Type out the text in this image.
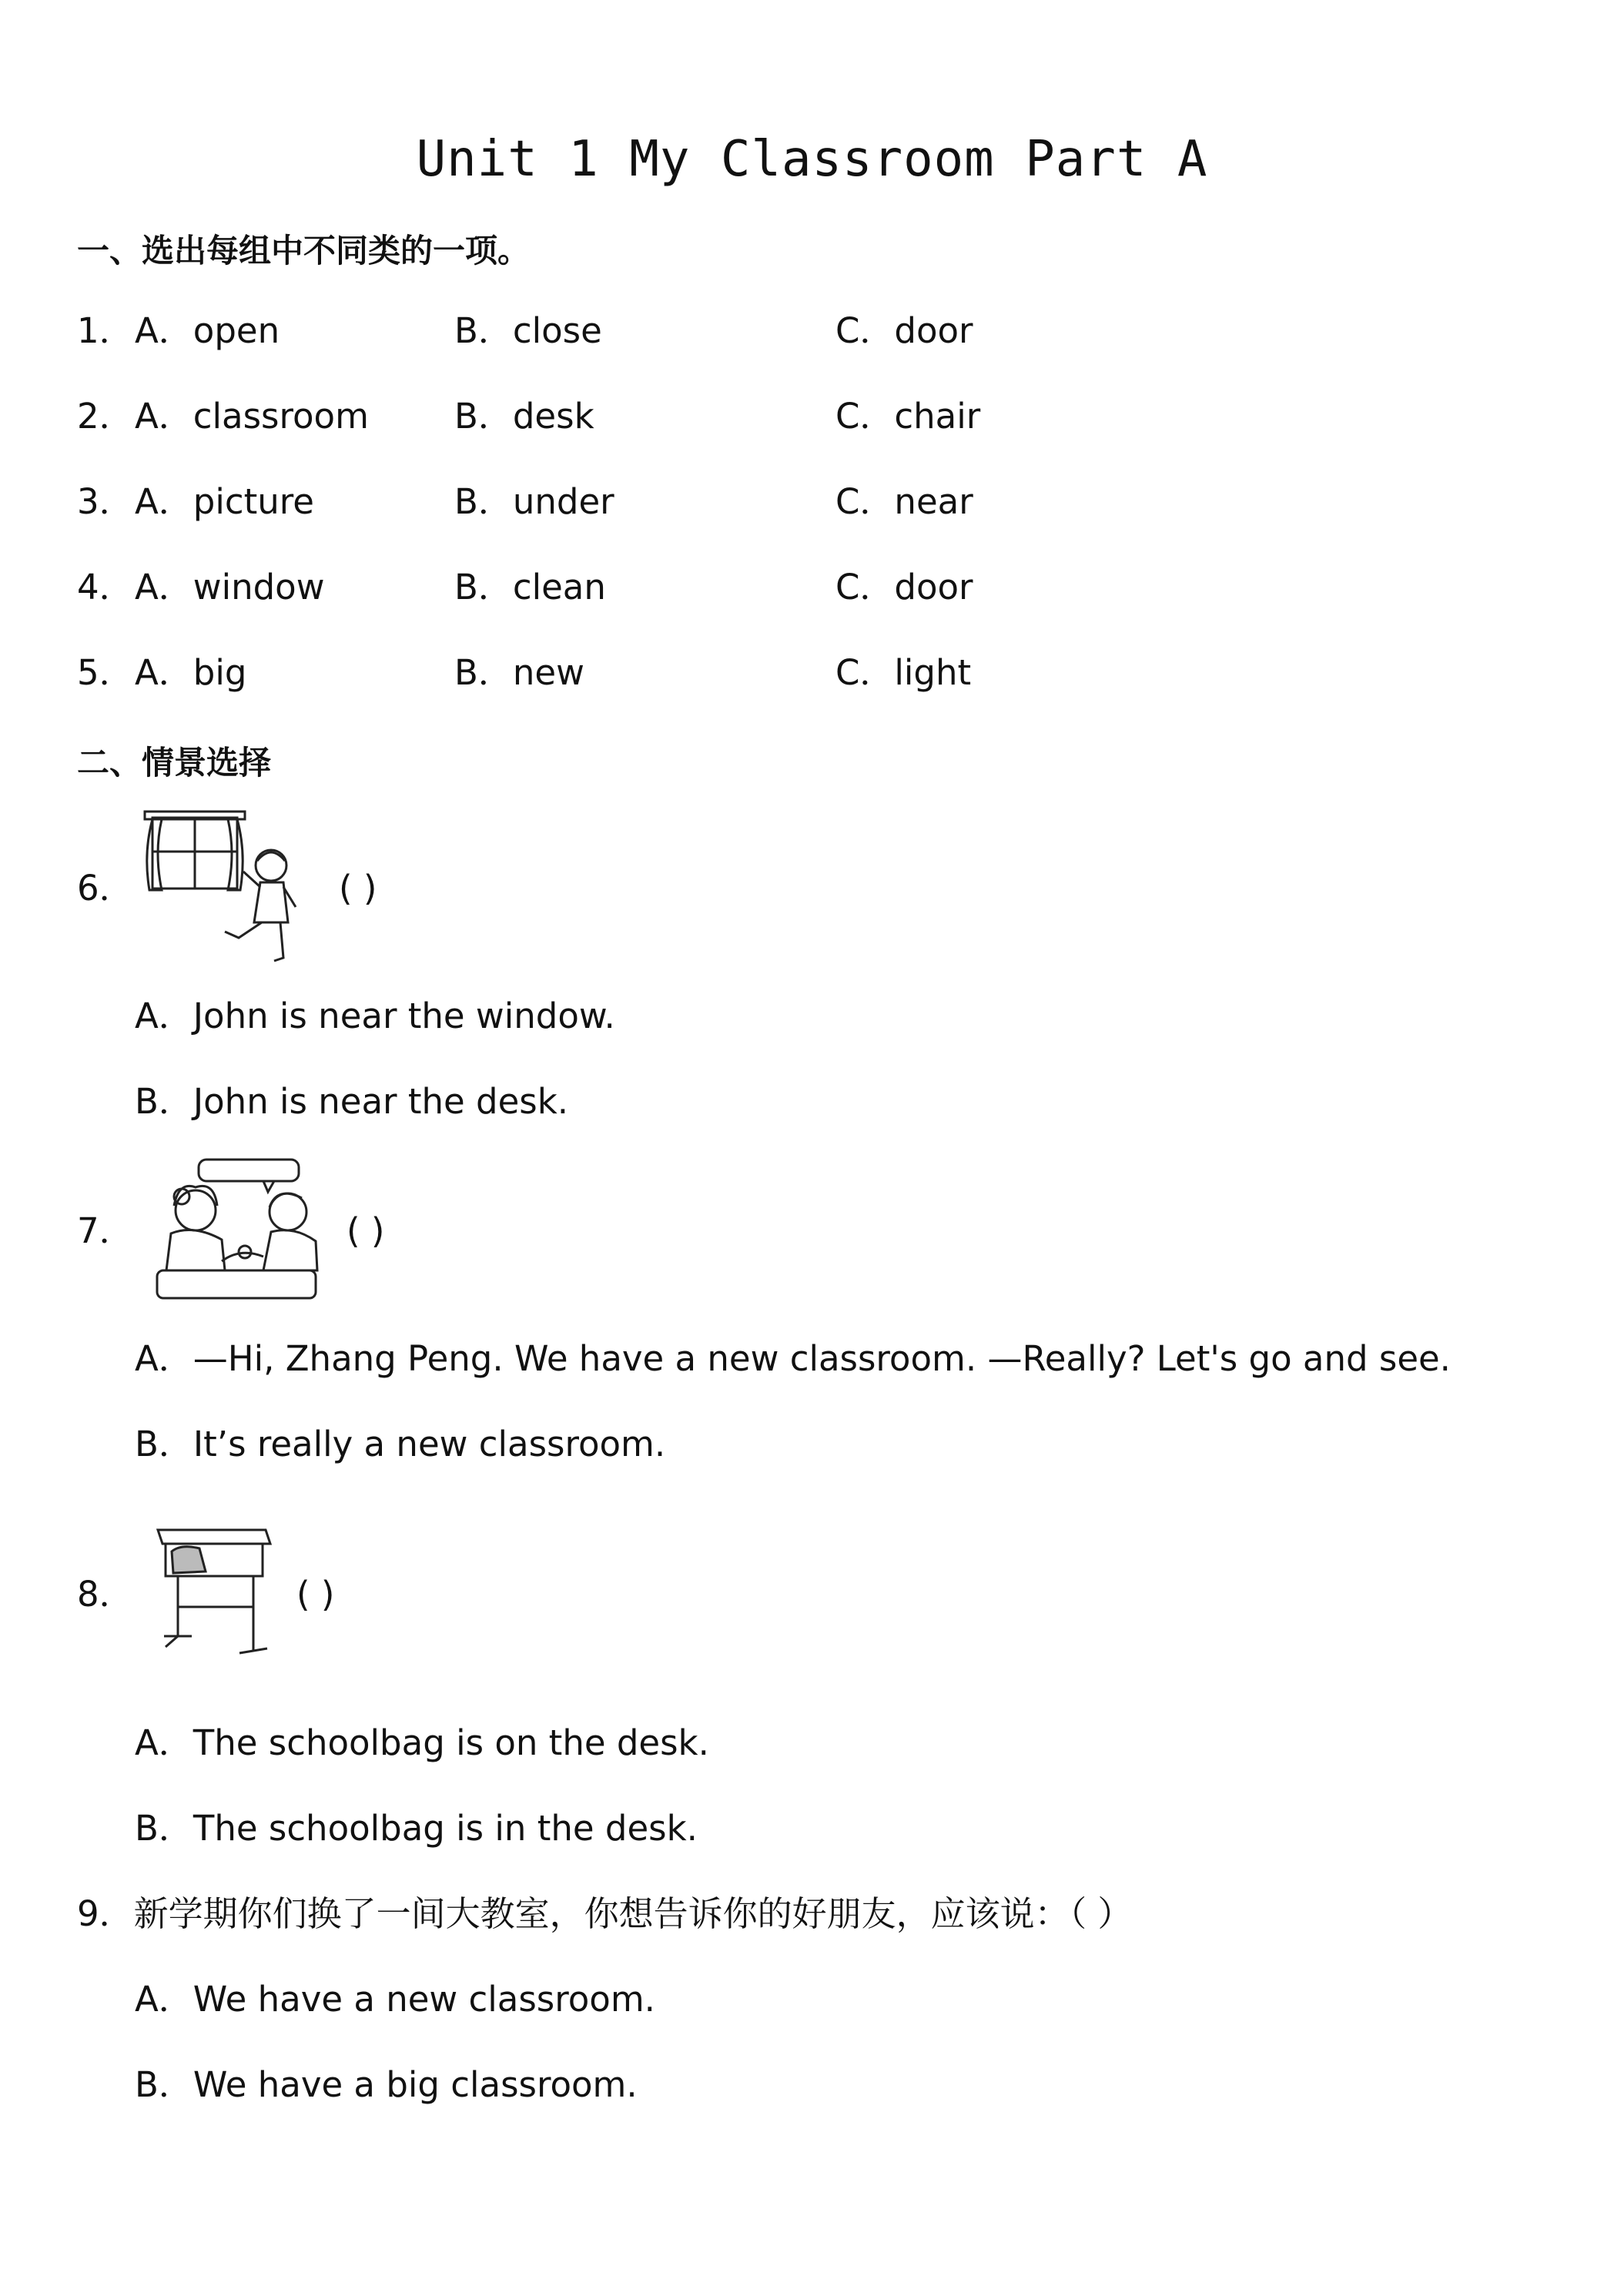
Unit 1 My Classroom Part A
一、选出每组中不同类的一项。
1． A．open	B．close	C．door
2． A．classroom B．desk	C．chair
3． A．picture	B．under	C．near
4． A．window	B．clean	C．door
5． A．big	B．new	C．light
二、情景选择
6．	( )
A．John is near the window.
B．John is near the desk.
7．	( )
A．—Hi, Zhang Peng. We have a new classroom. —Really? Let's go and see.
B．It’s really a new classroom.
8．	( )
A．The schoolbag is on the desk.
B．The schoolbag is in the desk.
9．新学期你们换了一间大教室，你想告诉你的好朋友，应该说：（ ）
A．We have a new classroom.
B．We have a big classroom.
